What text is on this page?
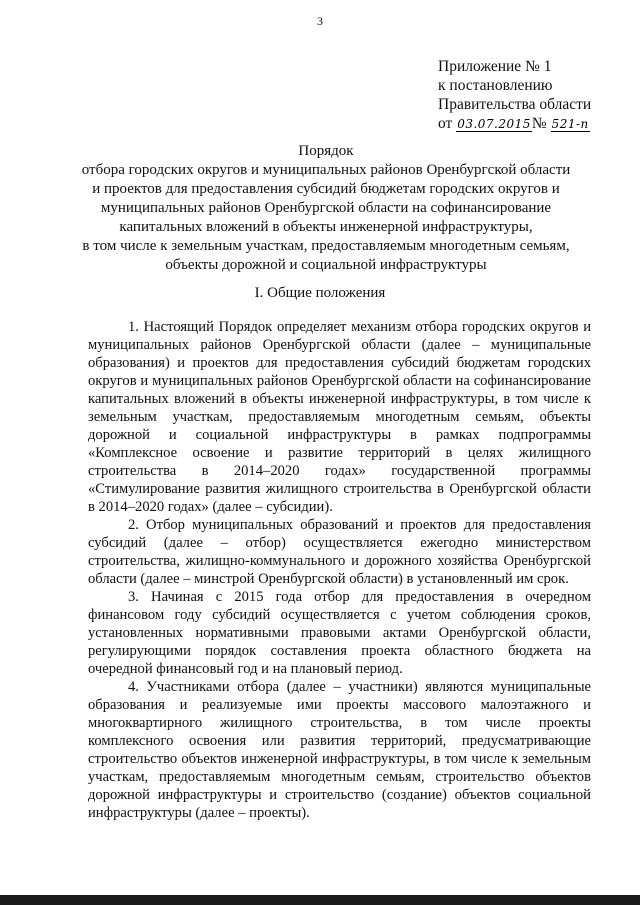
3
Приложение № 1
к постановлению
Правительства области
от 03.07.2015№ 521-п
Порядок
отбора городских округов и муниципальных районов Оренбургской области
и проектов для предоставления субсидий бюджетам городских округов и
муниципальных районов Оренбургской области на софинансирование
капитальных вложений в объекты инженерной инфраструктуры,
в том числе к земельным участкам, предоставляемым многодетным семьям,
объекты дорожной и социальной инфраструктуры
I. Общие положения

1. Настоящий Порядок определяет механизм отбора городских округов и муниципальных районов Оренбургской области (далее – муниципальные образования) и проектов для предоставления субсидий бюджетам городских округов и муниципальных районов Оренбургской области на софинансирование капитальных вложений в объекты инженерной инфраструктуры, в том числе к земельным участкам, предоставляемым многодетным семьям, объекты дорожной и социальной инфраструктуры в рамках подпрограммы «Комплексное освоение и развитие территорий в целях жилищного строительства в 2014–2020 годах» государственной программы «Стимулирование развития жилищного строительства в Оренбургской области в 2014–2020 годах» (далее – субсидии).

2. Отбор муниципальных образований и проектов для предоставления субсидий (далее – отбор) осуществляется ежегодно министерством строительства, жилищно-коммунального и дорожного хозяйства Оренбургской области (далее – минстрой Оренбургской области) в установленный им срок.

3. Начиная с 2015 года отбор для предоставления в очередном финансовом году субсидий осуществляется с учетом соблюдения сроков, установленных нормативными правовыми актами Оренбургской области, регулирующими порядок составления проекта областного бюджета на очередной финансовый год и на плановый период.

4. Участниками отбора (далее – участники) являются муниципальные образования и реализуемые ими проекты массового малоэтажного и многоквартирного жилищного строительства, в том числе проекты комплексного освоения или развития территорий, предусматривающие строительство объектов инженерной инфраструктуры, в том числе к земельным участкам, предоставляемым многодетным семьям, строительство объектов дорожной инфраструктуры и строительство (создание) объектов социальной инфраструктуры (далее – проекты).
